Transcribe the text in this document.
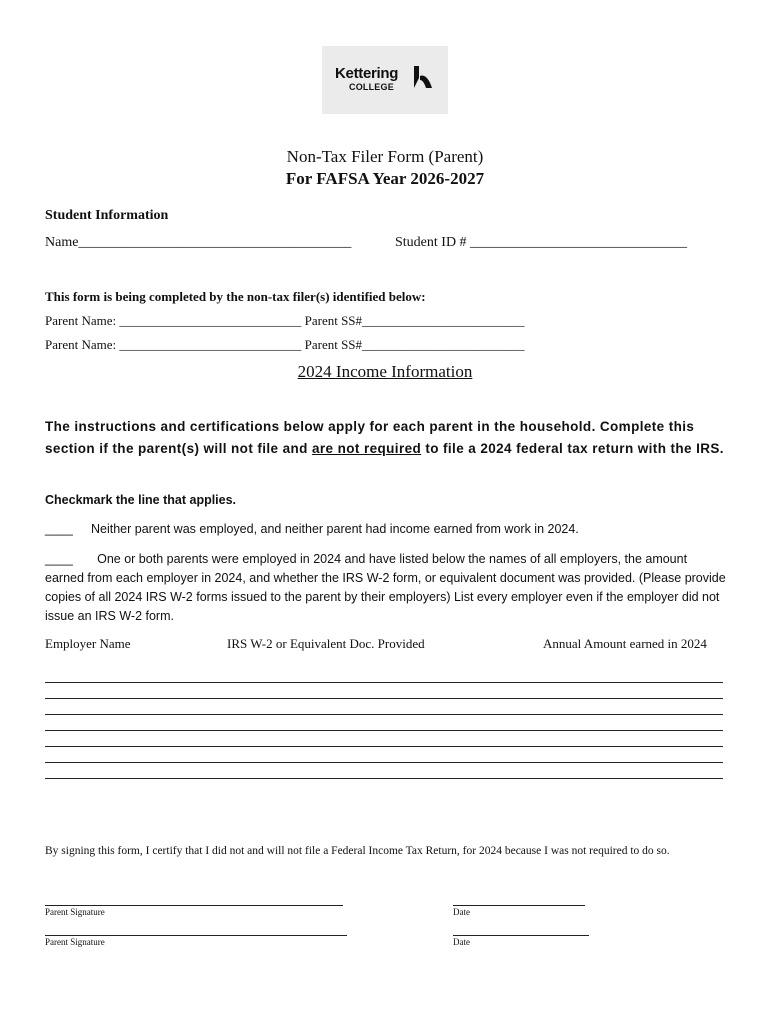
Kettering
COLLEGE
Non-Tax Filer Form (Parent)
For FAFSA Year 2026-2027
Student Information
Name_______________________________________	Student ID # _______________________________
This form is being completed by the non-tax filer(s) identified below:
Parent Name: ____________________________ Parent SS#_________________________
Parent Name: ____________________________ Parent SS#_________________________
2024 Income Information
The instructions and certifications below apply for each parent in the household. Complete this section if the parent(s) will not file and are not required to file a 2024 federal tax return with the IRS.
Checkmark the line that applies.
____ Neither parent was employed, and neither parent had income earned from work in 2024.
____ One or both parents were employed in 2024 and have listed below the names of all employers, the amount earned from each employer in 2024, and whether the IRS W-2 form, or equivalent document was provided. (Please provide copies of all 2024 IRS W-2 forms issued to the parent by their employers) List every employer even if the employer did not issue an IRS W-2 form.
Employer Name	IRS W-2 or Equivalent Doc. Provided	Annual Amount earned in 2024
By signing this form, I certify that I did not and will not file a Federal Income Tax Return, for 2024 because I was not required to do so.
Parent Signature	Date
Parent Signature	Date
